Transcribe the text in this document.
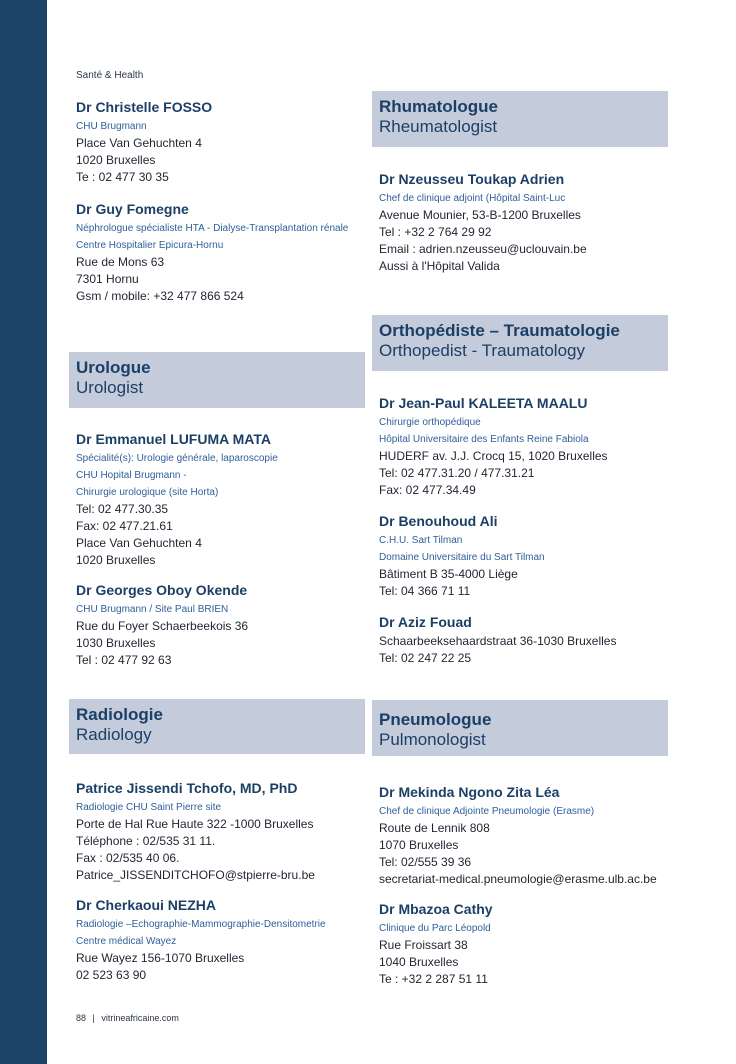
Santé & Health
Dr Christelle FOSSO
CHU Brugmann
Place Van Gehuchten 4
1020 Bruxelles
Te : 02 477 30 35
Dr Guy Fomegne
Néphrologue spécialiste HTA - Dialyse-Transplantation rénale
Centre Hospitalier Epicura-Hornu
Rue de Mons 63
7301 Hornu
Gsm / mobile: +32 477 866 524
Urologue
Urologist
Dr Emmanuel LUFUMA MATA
Spécialité(s): Urologie générale, laparoscopie
CHU Hopital Brugmann -
Chirurgie urologique (site Horta)
Tel: 02 477.30.35
Fax: 02 477.21.61
Place Van Gehuchten 4
1020 Bruxelles
Dr Georges Oboy Okende
CHU Brugmann / Site Paul BRIEN
Rue du Foyer Schaerbeekois 36
1030 Bruxelles
Tel : 02 477 92 63
Radiologie
Radiology
Patrice Jissendi Tchofo, MD, PhD
Radiologie CHU Saint Pierre site
Porte de Hal Rue Haute 322 -1000 Bruxelles
Téléphone : 02/535 31 11.
Fax : 02/535 40 06.
Patrice_JISSENDITCHOFO@stpierre-bru.be
Dr Cherkaoui NEZHA
Radiologie –Echographie-Mammographie-Densitometrie
Centre médical Wayez
Rue Wayez 156-1070 Bruxelles
02 523 63 90
Rhumatologue
Rheumatologist
Dr Nzeusseu Toukap Adrien
Chef de clinique adjoint (Hôpital Saint-Luc
Avenue Mounier, 53-B-1200 Bruxelles
Tel : +32 2 764 29 92
Email : adrien.nzeusseu@uclouvain.be
Aussi à l'Hôpital Valida
Orthopédiste – Traumatologie
Orthopedist - Traumatology
Dr Jean-Paul KALEETA MAALU
Chirurgie orthopédique
Hôpital Universitaire des Enfants Reine Fabiola
HUDERF av. J.J. Crocq 15, 1020 Bruxelles
Tel: 02 477.31.20 / 477.31.21
Fax: 02 477.34.49
Dr Benouhoud Ali
C.H.U. Sart Tilman
Domaine Universitaire du Sart Tilman
Bâtiment B 35-4000 Liège
Tel: 04 366 71 11
Dr Aziz Fouad
Schaarbeeksehaardstraat 36-1030 Bruxelles
Tel: 02 247 22 25
Pneumologue
Pulmonologist
Dr Mekinda Ngono Zita Léa
Chef de clinique Adjointe Pneumologie (Erasme)
Route de Lennik 808
1070 Bruxelles
Tel: 02/555 39 36
secretariat-medical.pneumologie@erasme.ulb.ac.be
Dr Mbazoa Cathy
Clinique du Parc Léopold
Rue Froissart 38
1040 Bruxelles
Te : +32 2 287 51 11
88 | vitrineafricaine.com
